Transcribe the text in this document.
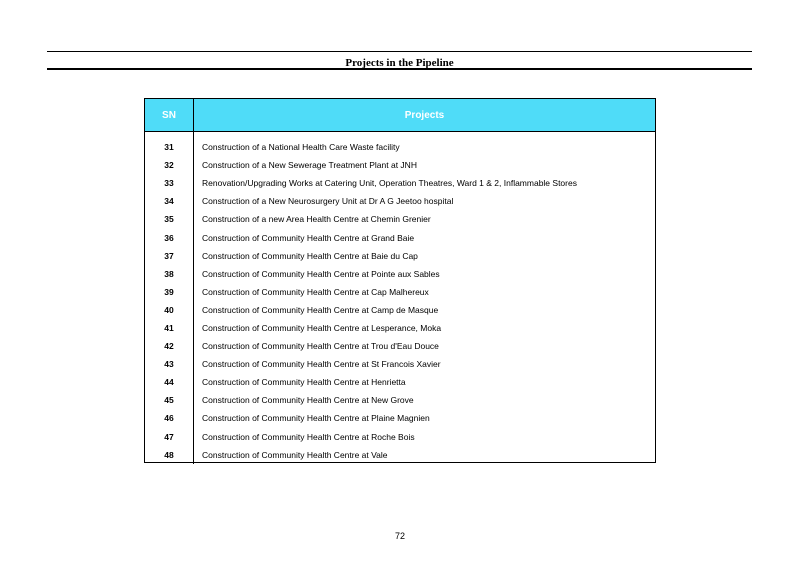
Projects in the Pipeline
SN	Projects
31	Construction of a National Health Care Waste facility
32	Construction of a New Sewerage Treatment Plant at JNH
33	Renovation/Upgrading Works at Catering Unit, Operation Theatres, Ward 1 & 2, Inflammable Stores
34	Construction of a New Neurosurgery Unit at Dr A G Jeetoo hospital
35	Construction of a new Area Health Centre at Chemin Grenier
36	Construction of Community Health Centre at Grand Baie
37	Construction of Community Health Centre at Baie du Cap
38	Construction of Community Health Centre at Pointe aux Sables
39	Construction of Community Health Centre at Cap Malhereux
40	Construction of Community Health Centre at Camp de Masque
41	Construction of Community Health Centre at Lesperance, Moka
42	Construction of Community Health Centre at Trou d'Eau Douce
43	Construction of Community Health Centre at St Francois Xavier
44	Construction of Community Health Centre at Henrietta
45	Construction of Community Health Centre at New Grove
46	Construction of Community Health Centre at Plaine Magnien
47	Construction of Community Health Centre at Roche Bois
48	Construction of Community Health Centre at Vale
72
